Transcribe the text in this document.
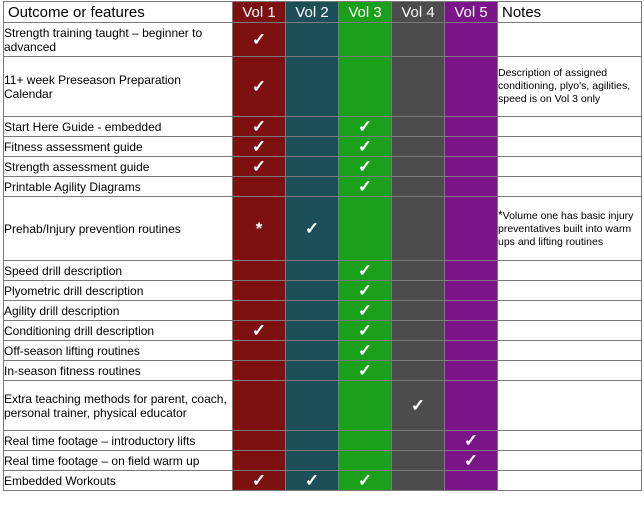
Outcome or features	Vol 1	Vol 2	Vol 3	Vol 4	Vol 5	Notes
Strength training taught – beginner to advanced	✓					
11+ week Preseason Preparation Calendar	✓					Description of assigned conditioning, plyo's, agilities, speed is on Vol 3 only
Start Here Guide - embedded	✓		✓			
Fitness assessment guide	✓		✓			
Strength assessment guide	✓		✓			
Printable Agility Diagrams			✓			
Prehab/Injury prevention routines	*	✓				*Volume one has basic injury preventatives built into warm ups and lifting routines
Speed drill description			✓			
Plyometric drill description			✓			
Agility drill description			✓			
Conditioning drill description	✓		✓			
Off-season lifting routines			✓			
In-season fitness routines			✓			
Extra teaching methods for parent, coach, personal trainer, physical educator				✓		
Real time footage – introductory lifts					✓	
Real time footage – on field warm up					✓	
Embedded Workouts	✓	✓	✓			
